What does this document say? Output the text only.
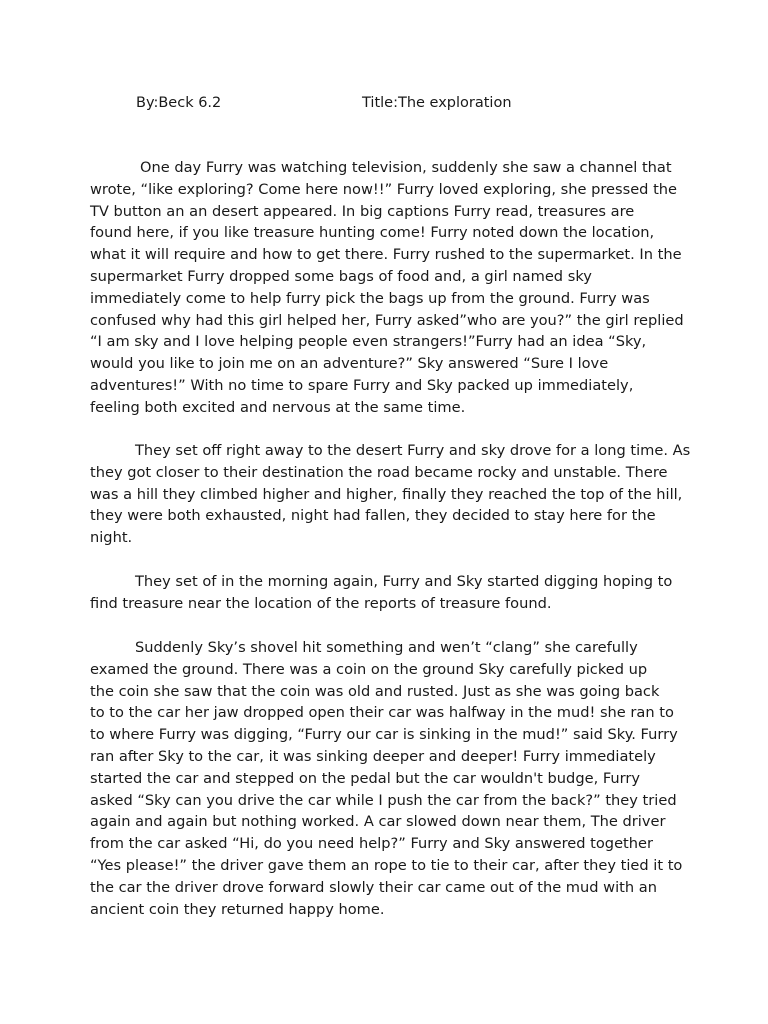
By:Beck 6.2	Title:The exploration
One day Furry was watching television, suddenly she saw a channel that
wrote, “like exploring? Come here now!!” Furry loved exploring, she pressed the
TV button an an desert appeared. In big captions Furry read, treasures are
found here, if you like treasure hunting come! Furry noted down the location,
what it will require and how to get there. Furry rushed to the supermarket. In the
supermarket Furry dropped some bags of food and, a girl named sky
immediately come to help furry pick the bags up from the ground. Furry was
confused why had this girl helped her, Furry asked”who are you?” the girl replied
“I am sky and I love helping people even strangers!”Furry had an idea “Sky,
would you like to join me on an adventure?” Sky answered “Sure I love
adventures!” With no time to spare Furry and Sky packed up immediately,
feeling both excited and nervous at the same time.
They set off right away to the desert Furry and sky drove for a long time. As
they got closer to their destination the road became rocky and unstable. There
was a hill they climbed higher and higher, finally they reached the top of the hill,
they were both exhausted, night had fallen, they decided to stay here for the
night.
They set of in the morning again, Furry and Sky started digging hoping to
find treasure near the location of the reports of treasure found.
Suddenly Sky’s shovel hit something and wen’t “clang” she carefully
examed the ground. There was a coin on the ground Sky carefully picked up
the coin she saw that the coin was old and rusted. Just as she was going back
to to the car her jaw dropped open their car was halfway in the mud! she ran to
to where Furry was digging, “Furry our car is sinking in the mud!” said Sky. Furry
ran after Sky to the car, it was sinking deeper and deeper! Furry immediately
started the car and stepped on the pedal but the car wouldn't budge, Furry
asked “Sky can you drive the car while I push the car from the back?” they tried
again and again but nothing worked. A car slowed down near them, The driver
from the car asked “Hi, do you need help?” Furry and Sky answered together
“Yes please!” the driver gave them an rope to tie to their car, after they tied it to
the car the driver drove forward slowly their car came out of the mud with an
ancient coin they returned happy home.
